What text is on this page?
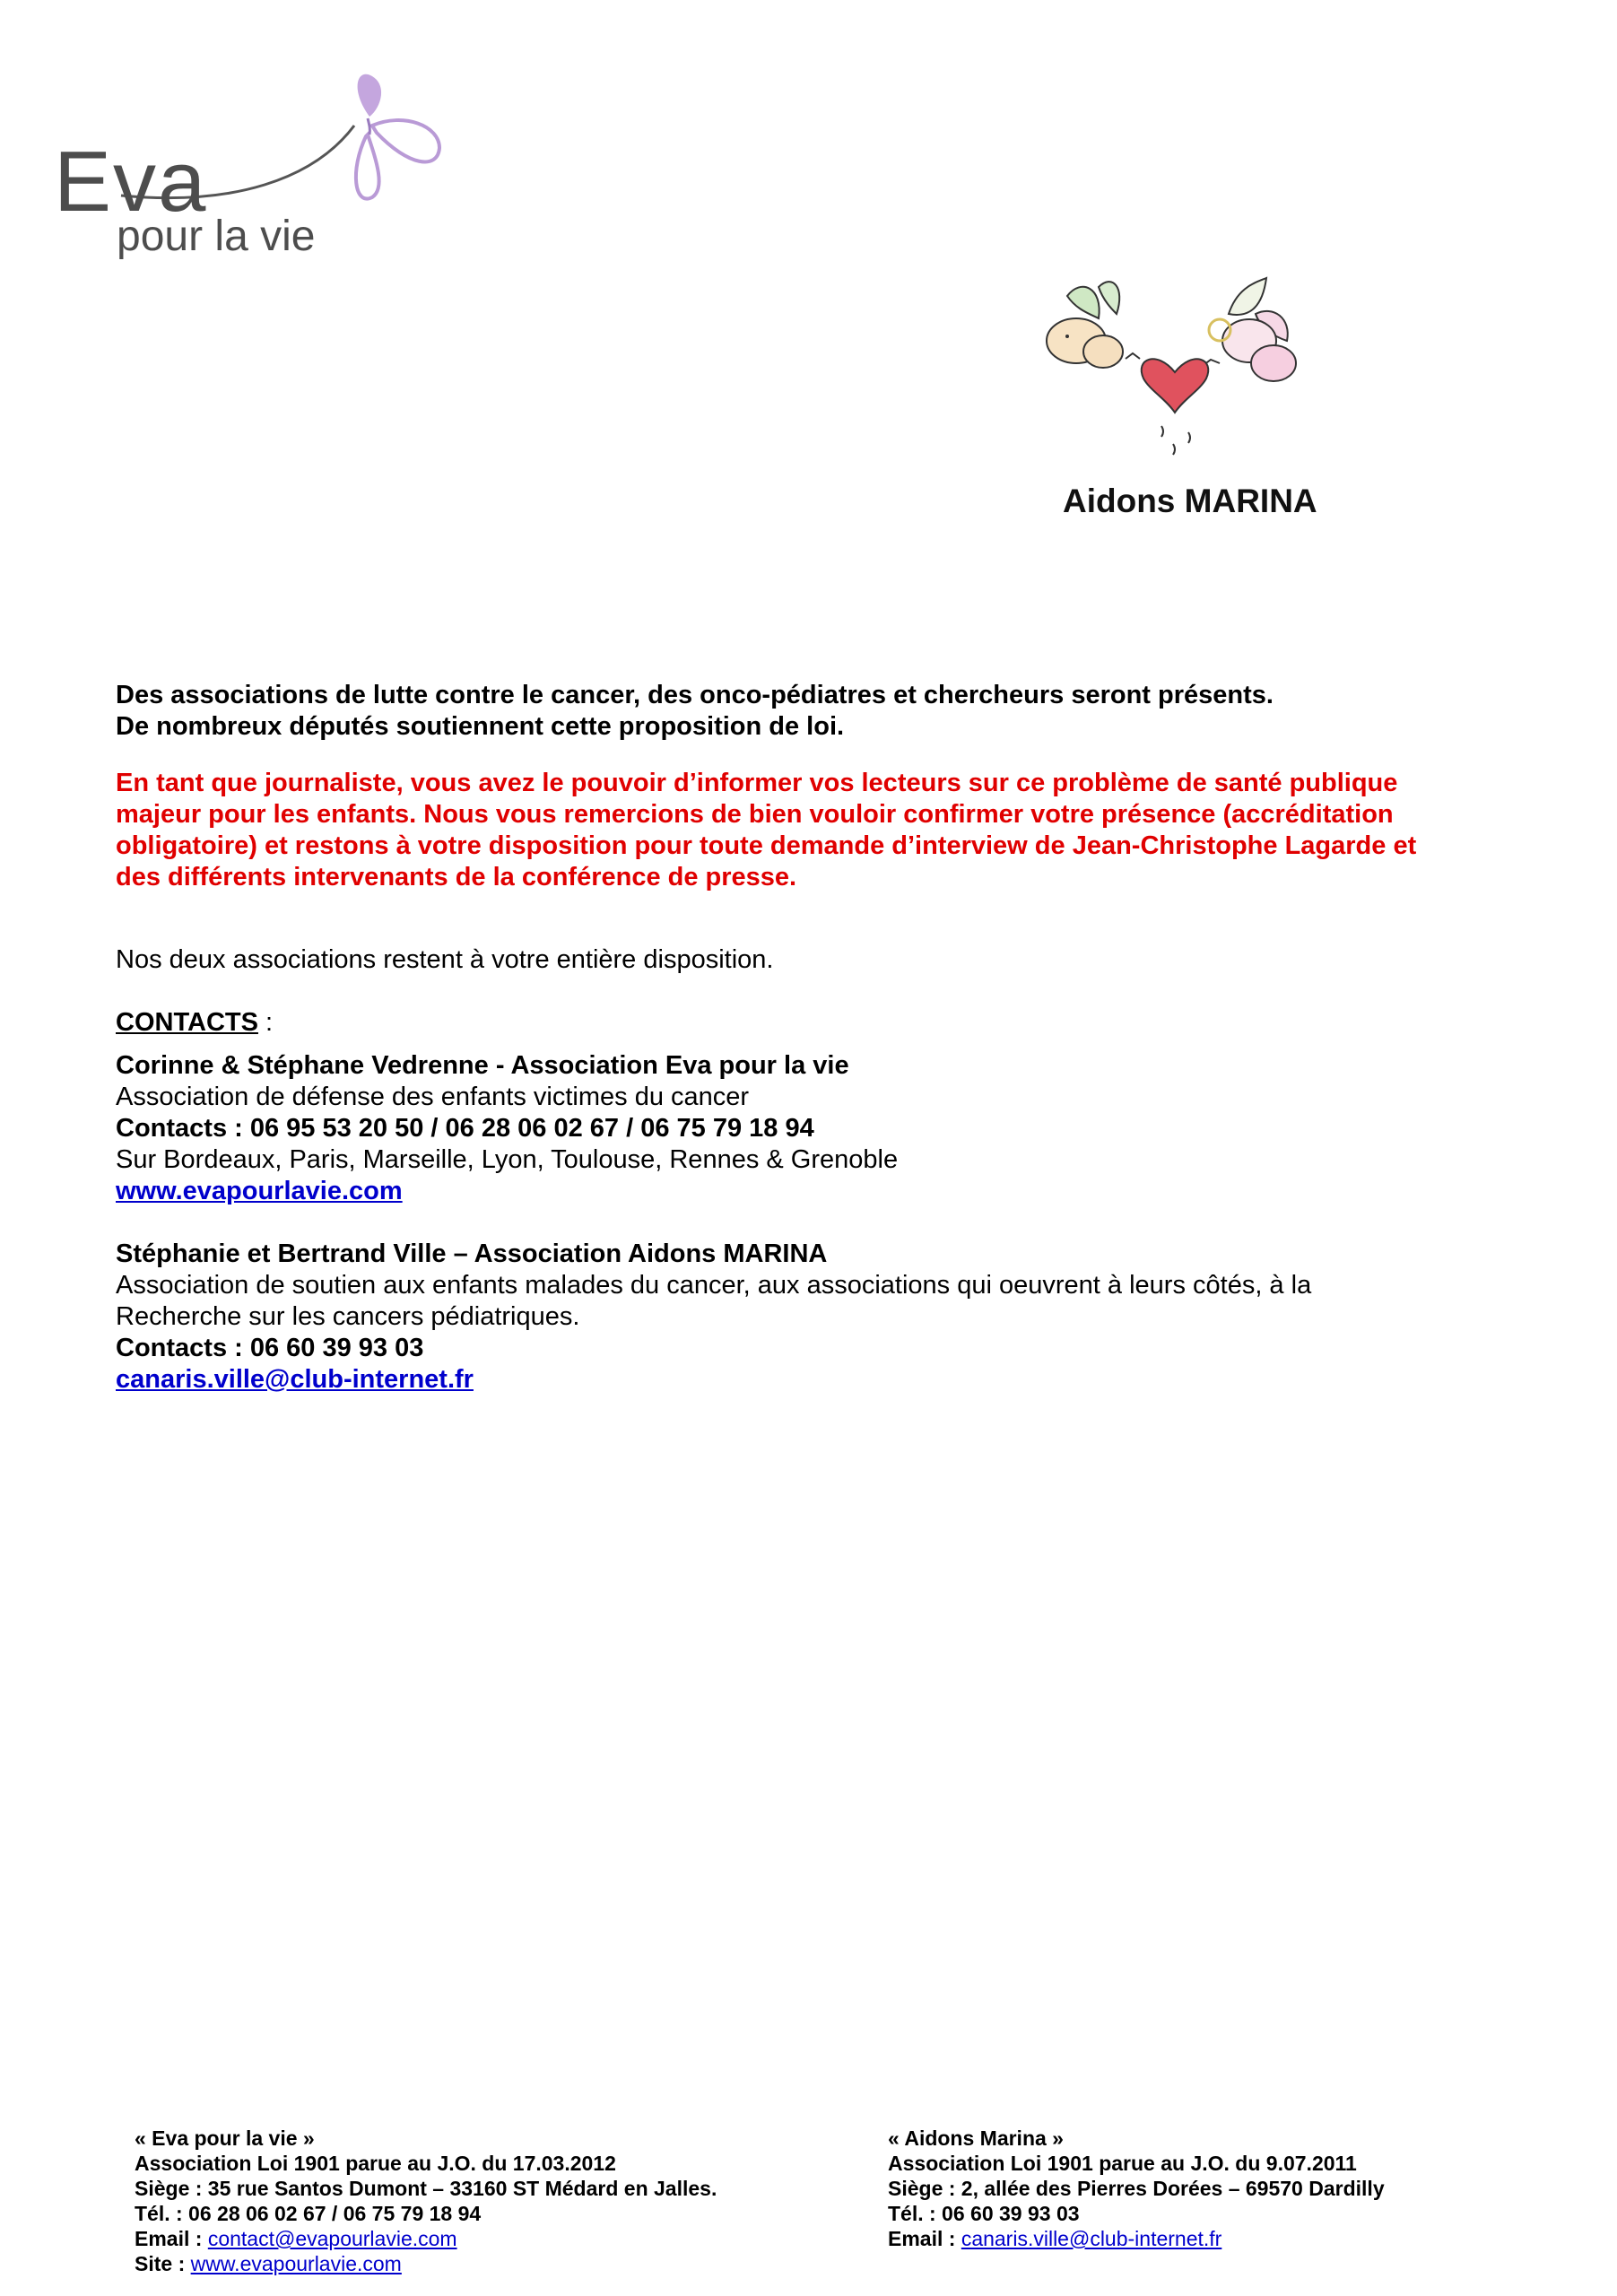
Eva
pour la vie
Aidons MARINA
Des associations de lutte contre le cancer, des onco-pédiatres et chercheurs seront présents.
De nombreux députés soutiennent cette proposition de loi.
En tant que journaliste, vous avez le pouvoir d’informer vos lecteurs sur ce problème de santé publique
majeur pour les enfants. Nous vous remercions de bien vouloir confirmer votre présence (accréditation
obligatoire) et restons à votre disposition pour toute demande d’interview de Jean-Christophe Lagarde et
des différents intervenants de la conférence de presse.
Nos deux associations restent à votre entière disposition.
CONTACTS :
Corinne & Stéphane Vedrenne - Association Eva pour la vie
Association de défense des enfants victimes du cancer
Contacts : 06 95 53 20 50 / 06 28 06 02 67 / 06 75 79 18 94
Sur Bordeaux, Paris, Marseille, Lyon, Toulouse, Rennes & Grenoble
www.evapourlavie.com
Stéphanie et Bertrand Ville – Association Aidons MARINA
Association de soutien aux enfants malades du cancer, aux associations qui oeuvrent à leurs côtés, à la
Recherche sur les cancers pédiatriques.
Contacts : 06 60 39 93 03
canaris.ville@club-internet.fr
« Eva pour la vie »
Association Loi 1901 parue au J.O. du 17.03.2012
Siège : 35 rue Santos Dumont – 33160 ST Médard en Jalles.
Tél. : 06 28 06 02 67 / 06 75 79 18 94
Email : contact@evapourlavie.com
Site : www.evapourlavie.com
« Aidons Marina »
Association Loi 1901 parue au J.O. du 9.07.2011
Siège : 2, allée des Pierres Dorées – 69570 Dardilly
Tél. : 06 60 39 93 03
Email : canaris.ville@club-internet.fr
